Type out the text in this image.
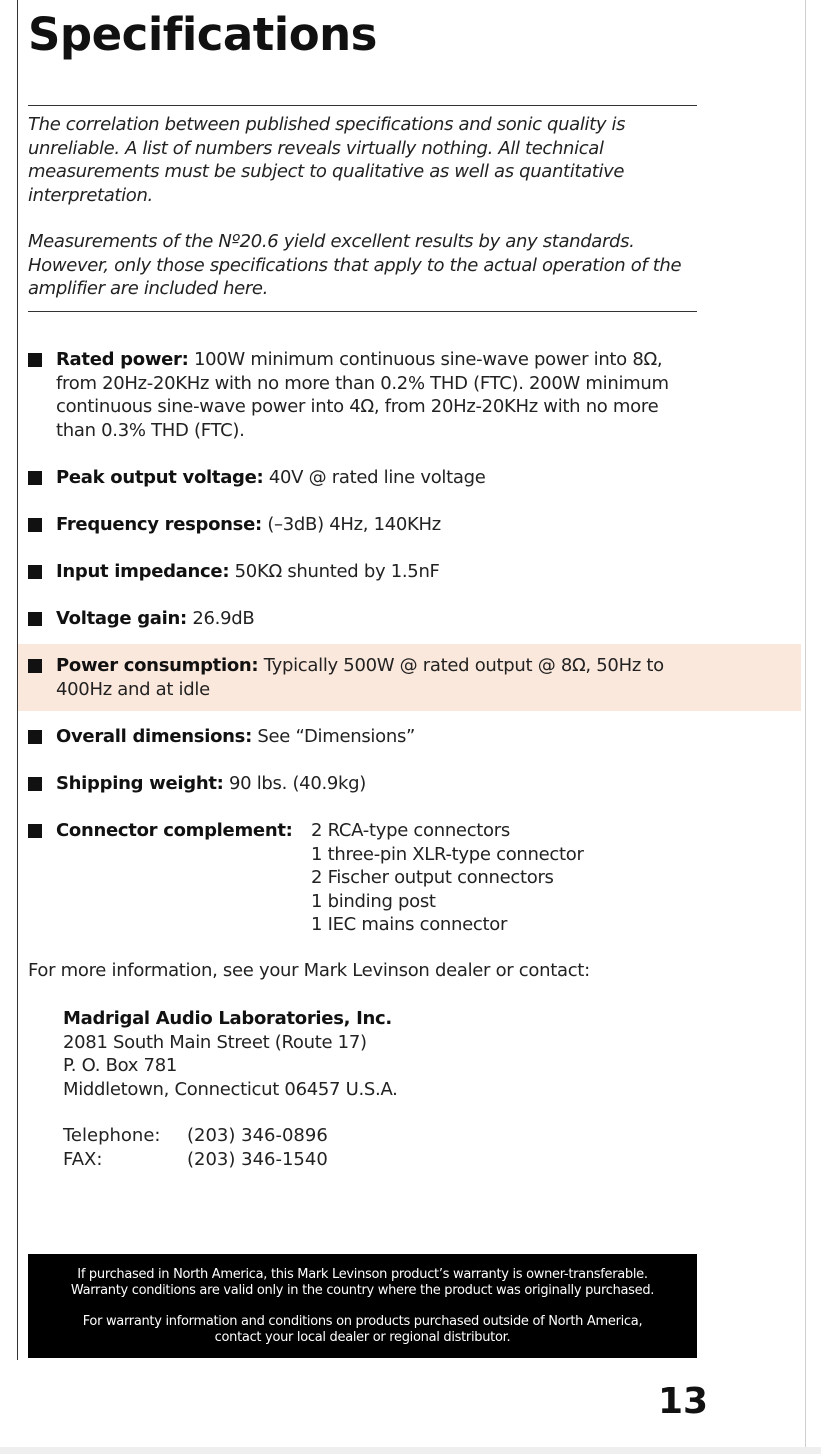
Specifications

The correlation between published specifications and sonic quality is unreliable. A list of numbers reveals virtually nothing. All technical measurements must be subject to qualitative as well as quantitative interpretation.

Measurements of the Nº20.6 yield excellent results by any standards. However, only those specifications that apply to the actual operation of the amplifier are included here.

Rated power: 100W minimum continuous sine-wave power into 8Ω, from 20Hz-20KHz with no more than 0.2% THD (FTC). 200W minimum continuous sine-wave power into 4Ω, from 20Hz-20KHz with no more than 0.3% THD (FTC).
Peak output voltage: 40V @ rated line voltage
Frequency response: (–3dB) 4Hz, 140KHz
Input impedance: 50KΩ shunted by 1.5nF
Voltage gain: 26.9dB
Power consumption: Typically 500W @ rated output @ 8Ω, 50Hz to 400Hz and at idle
Overall dimensions: See “Dimensions”
Shipping weight: 90 lbs. (40.9kg)
Connector complement:	2 RCA-type connectors
1 three-pin XLR-type connector
2 Fischer output connectors
1 binding post
1 IEC mains connector

For more information, see your Mark Levinson dealer or contact:

Madrigal Audio Laboratories, Inc.
2081 South Main Street (Route 17)
P. O. Box 781
Middletown, Connecticut 06457 U.S.A.
Telephone: (203) 346-0896
FAX:	(203) 346-1540

If purchased in North America, this Mark Levinson product’s warranty is owner-transferable.

Warranty conditions are valid only in the country where the product was originally purchased.

For warranty information and conditions on products purchased outside of North America,

contact your local dealer or regional distributor.

13
